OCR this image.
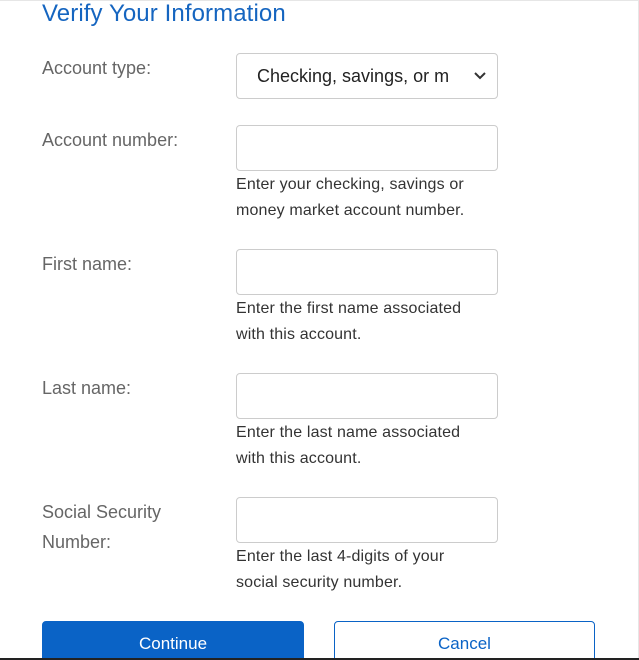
Verify Your Information
Account type:	Checking, savings, or m
Account number:
Enter your checking, savings or
money market account number.
First name:
Enter the first name associated
with this account.
Last name:
Enter the last name associated
with this account.
Social Security
Number:
Enter the last 4-digits of your
social security number.
Continue	Cancel
